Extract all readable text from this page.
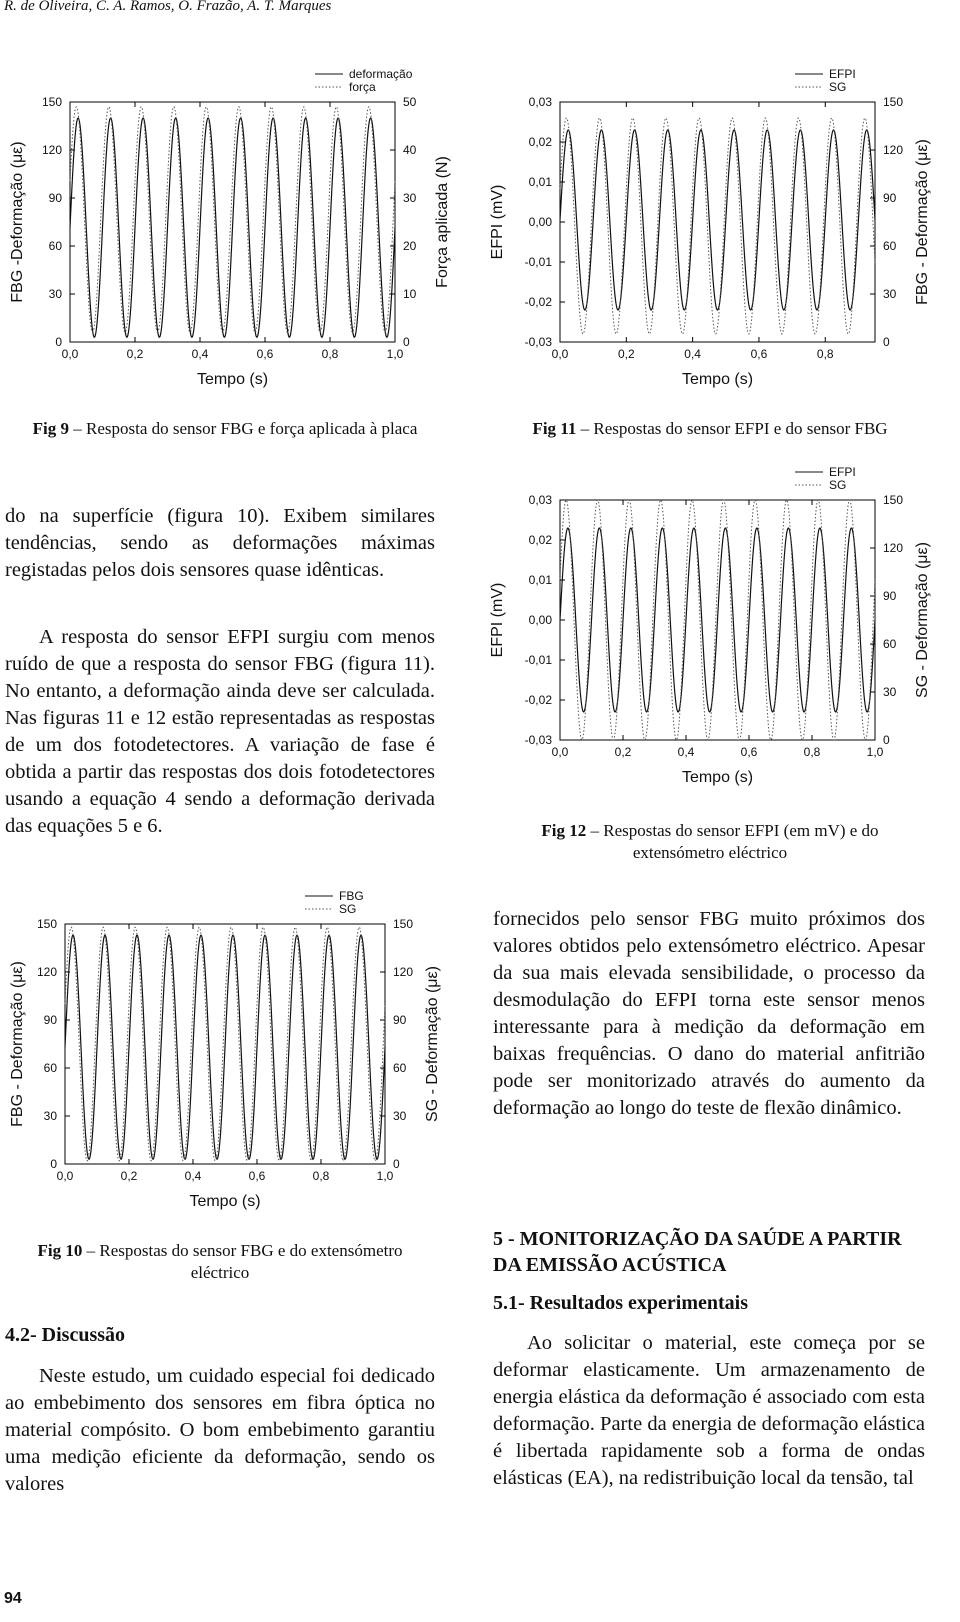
R. de Oliveira, C. A. Ramos, O. Frazão, A. T. Marques
0,0	0,2	0,4	0,6	0,8	1,0
0
30
60
90
120
150
0
10
20
30
40
50
Tempo (s)
FBG -Deformação (με)	Força aplicada (N)
deformação
força
Fig 9 – Resposta do sensor FBG e força aplicada à placa
0,0	0,2	0,4	0,6	0,8
-0,03
-0,02
-0,01
0,00
0,01
0,02
0,03
0
30
60
90
120
150
Tempo (s)
EFPI (mV)	FBG - Deformação (με)
EFPI
SG
Fig 11 – Respostas do sensor EFPI e do sensor FBG
0,0	0,2	0,4	0,6	0,8	1,0
-0,03
-0,02
-0,01
0,00
0,01
0,02
0,03
0
30
60
90
120
150
Tempo (s)
EFPI (mV)	SG - Deformação (με)
EFPI
SG
Fig 12 – Respostas do sensor EFPI (em mV) e do extensómetro eléctrico
0,0	0,2	0,4	0,6	0,8	1,0
0
30
60
90
120
150
0
30
60
90
120
150
Tempo (s)
FBG - Deformação (με)	SG - Deformação (με)
FBG
SG
Fig 10 – Respostas do sensor FBG e do extensómetro eléctrico

do na superfície (figura 10). Exibem similares tendências, sendo as deformações máximas registadas pelos dois sensores quase idênticas.

A resposta do sensor EFPI surgiu com menos ruído de que a resposta do sensor FBG (figura 11). No entanto, a deformação ainda deve ser calculada. Nas figuras 11 e 12 estão representadas as respostas de um dos fotodetectores. A variação de fase é obtida a partir das respostas dos dois fotodetectores usando a equação 4 sendo a deformação derivada das equações 5 e 6.

4.2- Discussão

Neste estudo, um cuidado especial foi dedicado ao embebimento dos sensores em fibra óptica no material compósito. O bom embebimento garantiu uma medição eficiente da deformação, sendo os valores

fornecidos pelo sensor FBG muito próximos dos valores obtidos pelo extensómetro eléctrico. Apesar da sua mais elevada sensibilidade, o processo da desmodulação do EFPI torna este sensor menos interessante para à medição da deformação em baixas frequências. O dano do material anfitrião pode ser monitorizado através do aumento da deformação ao longo do teste de flexão dinâmico.

5 - MONITORIZAÇÃO DA SAÚDE A PARTIR DA EMISSÃO ACÚSTICA
5.1- Resultados experimentais

Ao solicitar o material, este começa por se deformar elasticamente. Um armazenamento de energia elástica da deformação é associado com esta deformação. Parte da energia de deformação elástica é libertada rapidamente sob a forma de ondas elásticas (EA), na redistribuição local da tensão, tal

94
